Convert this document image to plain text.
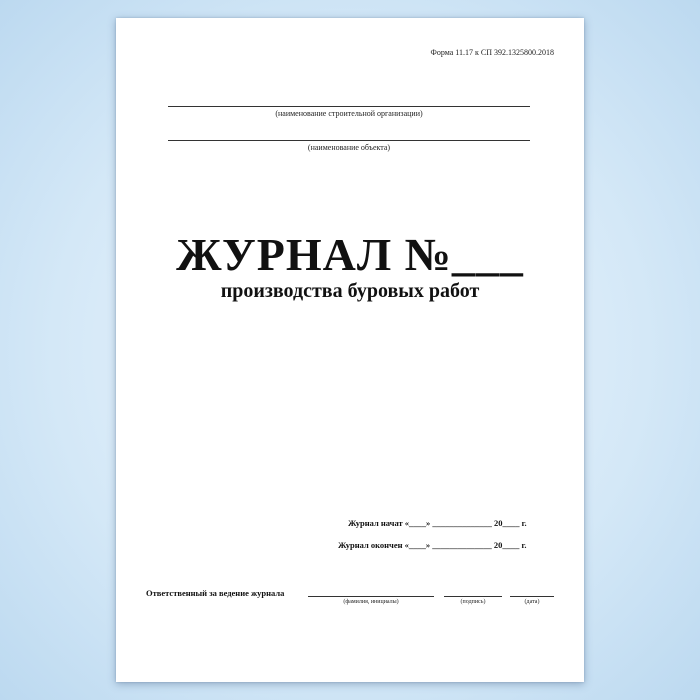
Форма 11.17 к СП 392.1325800.2018
(наименование строительной организации)
(наименование объекта)
ЖУРНАЛ №___
производства буровых работ
Журнал начат «____» ______________ 20____ г.
Журнал окончен «____» ______________ 20____ г.
Ответственный за ведение журнала
(фамилия, инициалы)	(подпись)	(дата)
